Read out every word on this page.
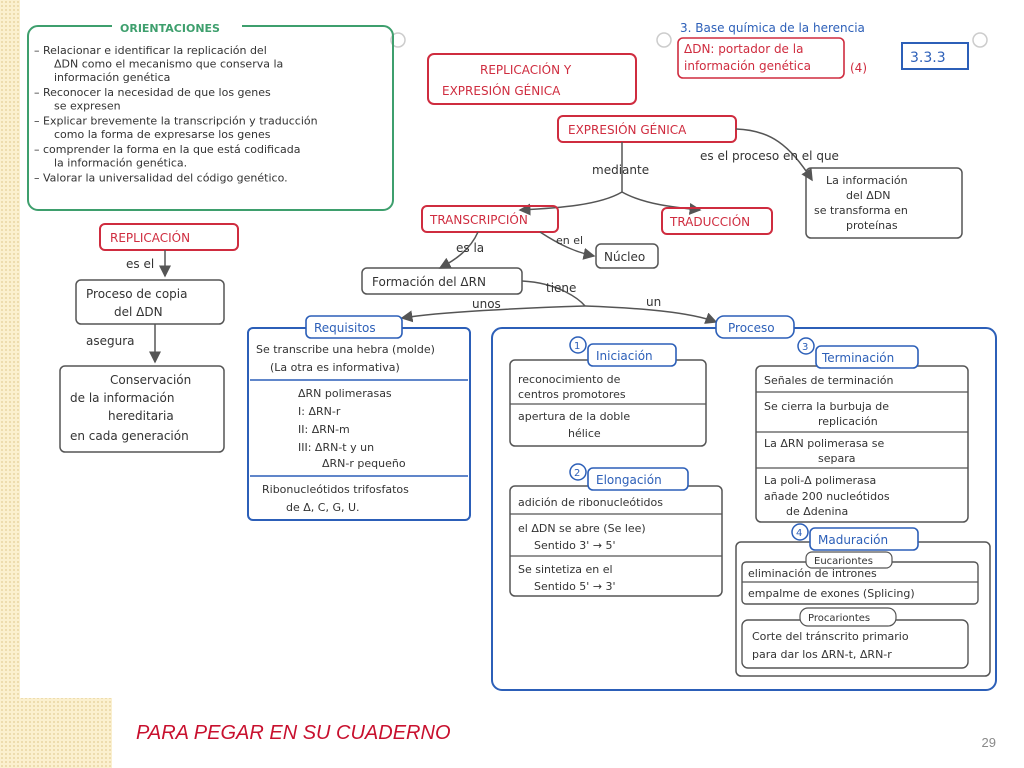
ORIENTACIONES
– Relacionar e identificar la replicación del
ΔDN como el mecanismo que conserva la
información genética
– Reconocer la necesidad de que los genes
se expresen
– Explicar brevemente la transcripción y traducción
como la forma de expresarse los genes
– comprender la forma en la que está codificada
la información genética.
– Valorar la universalidad del código genético.
3. Base química de la herencia
ΔDN: portador de la
información genética	(4)
3.3.3
REPLICACIÓN Y
EXPRESIÓN GÉNICA
REPLICACIÓN
es el
Proceso de copia
del ΔDN
asegura
Conservación
de la información
hereditaria
en cada generación
EXPRESIÓN GÉNICA
es el proceso en el que
La información
del ΔDN
se transforma en
proteínas
mediante
TRANSCRIPCIÓN	TRADUCCIÓN
en el
Núcleo
es la
Formación del ΔRN	tiene
unos	un
Requisitos
Se transcribe una hebra (molde)
(La otra es informativa)
ΔRN polimerasas
I: ΔRN-r
II: ΔRN-m
III: ΔRN-t y un
ΔRN-r pequeño
Ribonucleótidos trifosfatos
de Δ, C, G, U.
Proceso
1
Iniciación
reconocimiento de
centros promotores
apertura de la doble
hélice
2 Elongación
adición de ribonucleótidos
el ΔDN se abre (Se lee)
Sentido 3' → 5'
Se sintetiza en el
Sentido 5' → 3'
3
Terminación
Señales de terminación
Se cierra la burbuja de
replicación
La ΔRN polimerasa se
separa
La poli-Δ polimerasa
añade 200 nucleótidos
de Δdenina
4 Maduración
Eucariontes
eliminación de intrones
empalme de exones (Splicing)
Procariontes
Corte del tránscrito primario
para dar los ΔRN-t, ΔRN-r
PARA PEGAR EN SU CUADERNO	29
